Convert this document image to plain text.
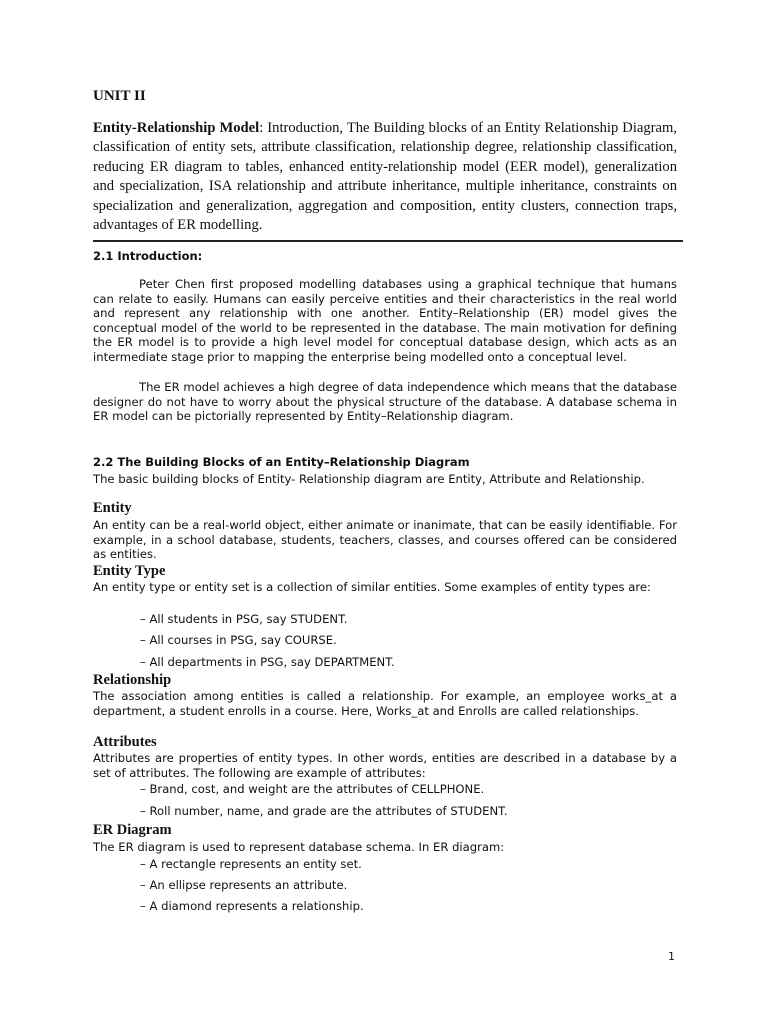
UNIT II
Entity-Relationship Model: Introduction, The Building blocks of an Entity Relationship Diagram, classification of entity sets, attribute classification, relationship degree, relationship classification, reducing ER diagram to tables, enhanced entity-relationship model (EER model), generalization and specialization, ISA relationship and attribute inheritance, multiple inheritance, constraints on specialization and generalization, aggregation and composition, entity clusters, connection traps, advantages of ER modelling.
2.1 Introduction:
Peter Chen first proposed modelling databases using a graphical technique that humans can relate to easily. Humans can easily perceive entities and their characteristics in the real world and represent any relationship with one another. Entity–Relationship (ER) model gives the conceptual model of the world to be represented in the database. The main motivation for defining the ER model is to provide a high level model for conceptual database design, which acts as an intermediate stage prior to mapping the enterprise being modelled onto a conceptual level.
The ER model achieves a high degree of data independence which means that the database designer do not have to worry about the physical structure of the database. A database schema in ER model can be pictorially represented by Entity–Relationship diagram.
2.2 The Building Blocks of an Entity–Relationship Diagram
The basic building blocks of Entity- Relationship diagram are Entity, Attribute and Relationship.
Entity
An entity can be a real-world object, either animate or inanimate, that can be easily identifiable. For example, in a school database, students, teachers, classes, and courses offered can be considered as entities.
Entity Type
An entity type or entity set is a collection of similar entities. Some examples of entity types are:
– All students in PSG, say STUDENT.
– All courses in PSG, say COURSE.
– All departments in PSG, say DEPARTMENT.
Relationship
The association among entities is called a relationship. For example, an employee works_at a department, a student enrolls in a course. Here, Works_at and Enrolls are called relationships.
Attributes
Attributes are properties of entity types. In other words, entities are described in a database by a set of attributes. The following are example of attributes:
– Brand, cost, and weight are the attributes of CELLPHONE.
– Roll number, name, and grade are the attributes of STUDENT.
ER Diagram
The ER diagram is used to represent database schema. In ER diagram:
– A rectangle represents an entity set.
– An ellipse represents an attribute.
– A diamond represents a relationship.
1
